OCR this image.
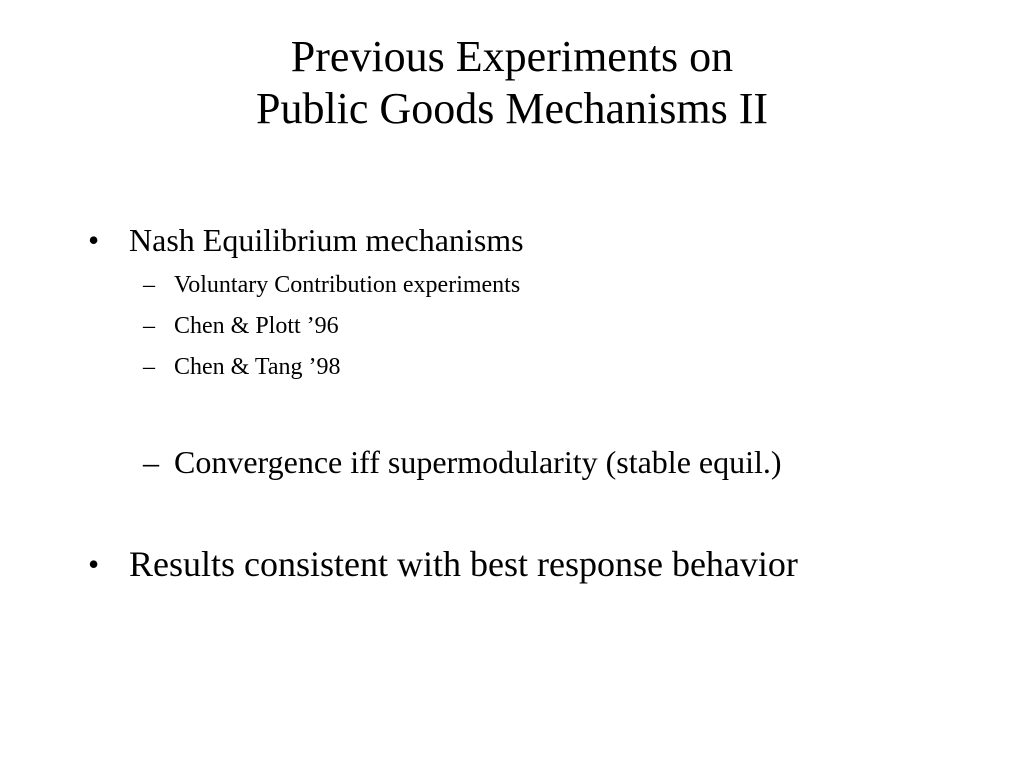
Previous Experiments on
Public Goods Mechanisms II
• Nash Equilibrium mechanisms
– Voluntary Contribution experiments
– Chen & Plott ’96
– Chen & Tang ’98
– Convergence iff supermodularity (stable equil.)
• Results consistent with best response behavior
